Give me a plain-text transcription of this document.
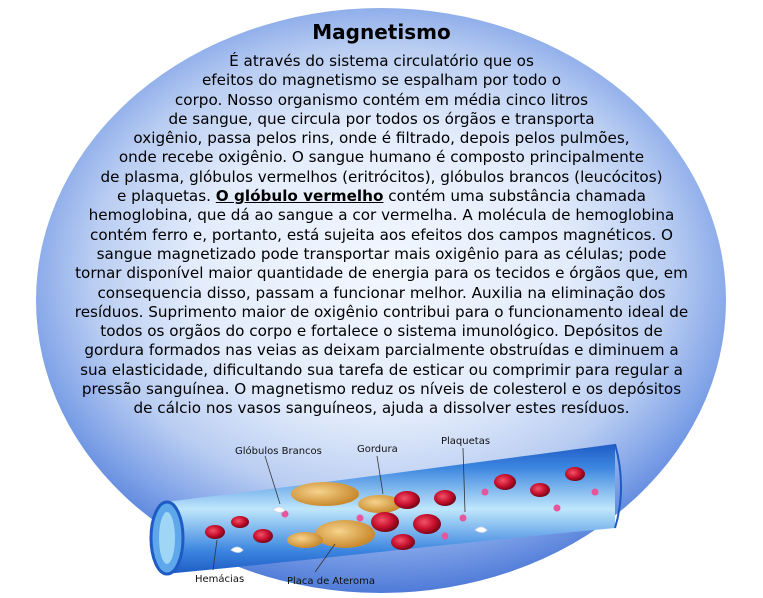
Magnetismo
É através do sistema circulatório que os
efeitos do magnetismo se espalham por todo o
corpo. Nosso organismo contém em média cinco litros
de sangue, que circula por todos os órgãos e transporta
oxigênio, passa pelos rins, onde é filtrado, depois pelos pulmões,
onde recebe oxigênio. O sangue humano é composto principalmente
de plasma, glóbulos vermelhos (eritrócitos), glóbulos brancos (leucócitos)
e plaquetas. O glóbulo vermelho contém uma substância chamada
hemoglobina, que dá ao sangue a cor vermelha. A molécula de hemoglobina
contém ferro e, portanto, está sujeita aos efeitos dos campos magnéticos. O
sangue magnetizado pode transportar mais oxigênio para as células; pode
tornar disponível maior quantidade de energia para os tecidos e órgãos que, em
consequencia disso, passam a funcionar melhor. Auxilia na eliminação dos
resíduos. Suprimento maior de oxigênio contribui para o funcionamento ideal de
todos os orgãos do corpo e fortalece o sistema imunológico. Depósitos de
gordura formados nas veias as deixam parcialmente obstruídas e diminuem a
sua elasticidade, dificultando sua tarefa de esticar ou comprimir para regular a
pressão sanguínea. O magnetismo reduz os níveis de colesterol e os depósitos
de cálcio nos vasos sanguíneos, ajuda a dissolver estes resíduos.
Glóbulos Brancos	Gordura
Plaquetas
Hemácias	Placa de Ateroma
